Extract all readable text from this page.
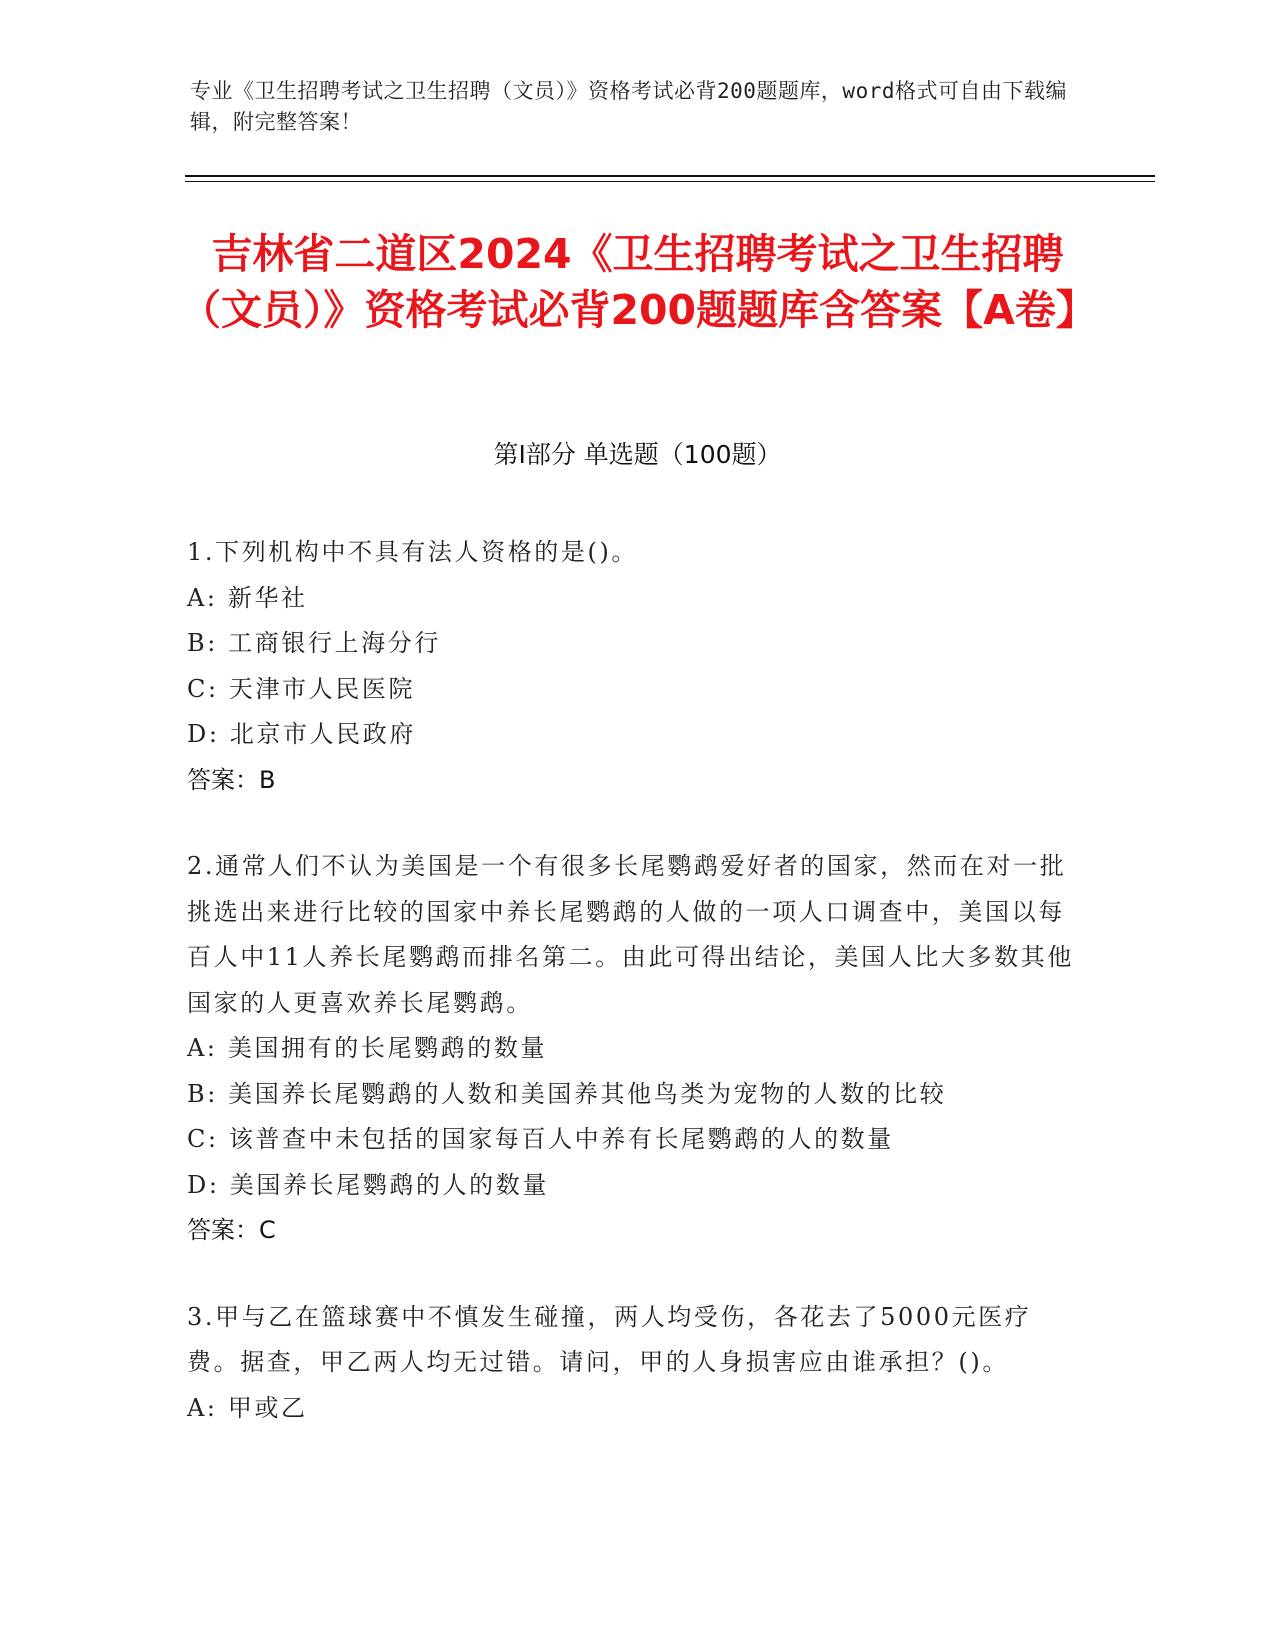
专业《卫生招聘考试之卫生招聘（文员）》资格考试必背200题题库，word格式可自由下载编辑，附完整答案！
吉林省二道区2024《卫生招聘考试之卫生招聘（文员）》资格考试必背200题题库含答案【A卷】
第Ⅰ部分 单选题（100题）

1.下列机构中不具有法人资格的是()。

A: 新华社

B: 工商银行上海分行

C: 天津市人民医院

D: 北京市人民政府

答案：B

2.通常人们不认为美国是一个有很多长尾鹦鹉爱好者的国家，然而在对一批挑选出来进行比较的国家中养长尾鹦鹉的人做的一项人口调查中，美国以每百人中11人养长尾鹦鹉而排名第二。由此可得出结论，美国人比大多数其他国家的人更喜欢养长尾鹦鹉。

A: 美国拥有的长尾鹦鹉的数量

B: 美国养长尾鹦鹉的人数和美国养其他鸟类为宠物的人数的比较

C: 该普查中未包括的国家每百人中养有长尾鹦鹉的人的数量

D: 美国养长尾鹦鹉的人的数量

答案：C

3.甲与乙在篮球赛中不慎发生碰撞，两人均受伤，各花去了5000元医疗费。据查，甲乙两人均无过错。请问，甲的人身损害应由谁承担？()。

A: 甲或乙
